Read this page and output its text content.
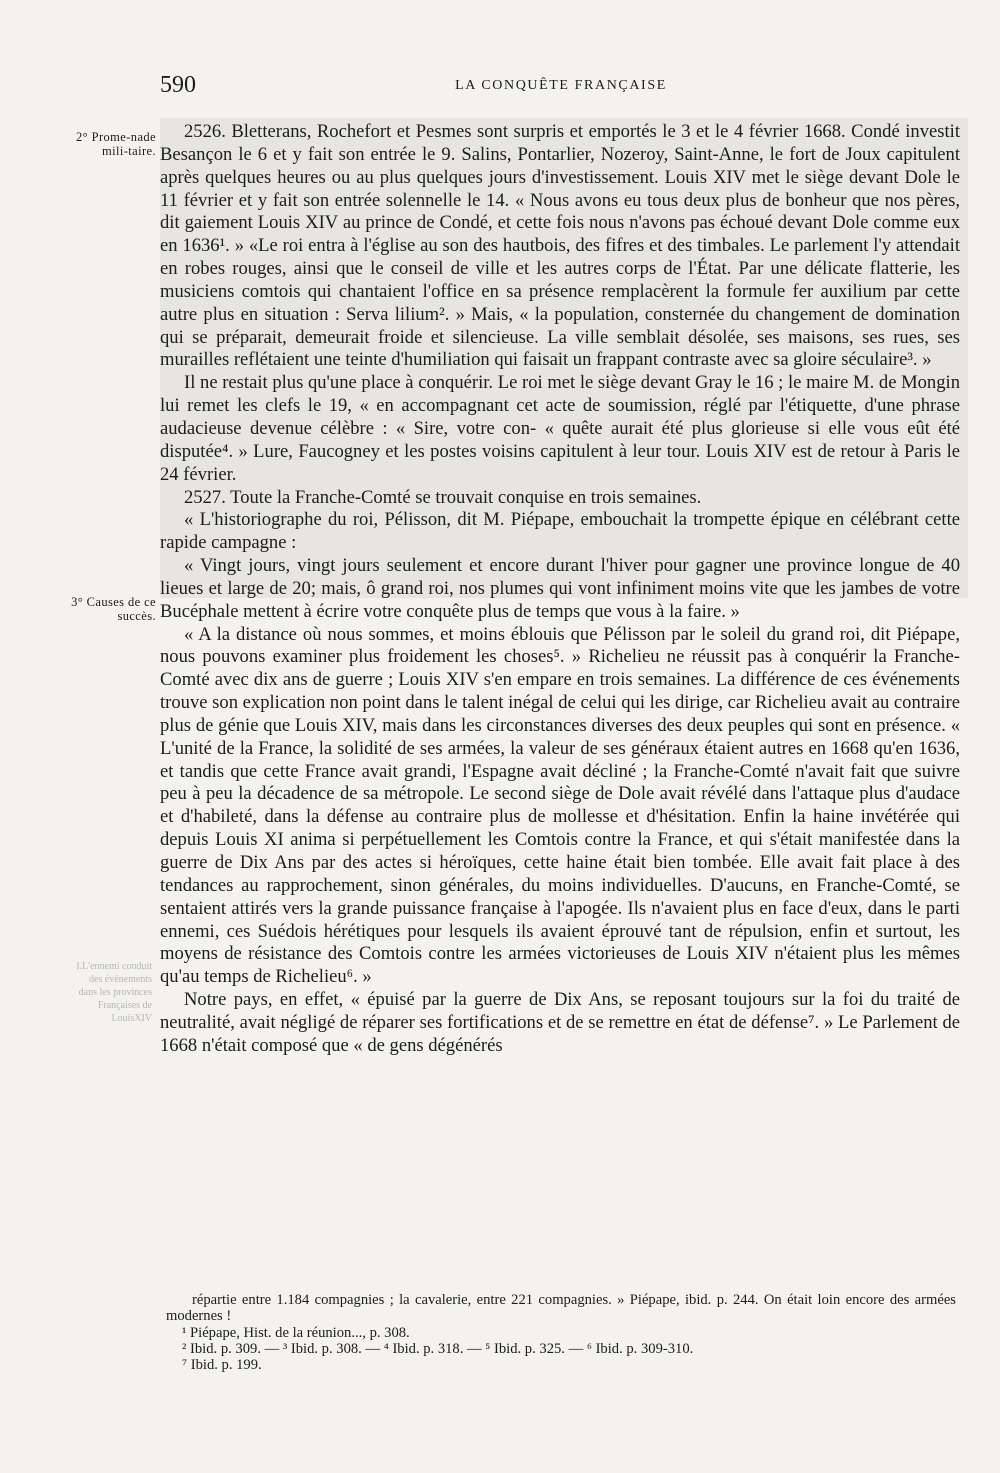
590	LA CONQUÊTE FRANÇAISE
2° Prome-nade mili-taire.
3° Causes de ce succès.
I.L'ennemi conduit des événements dans les provinces Françaises de LouisXIV

2526. Bletterans, Rochefort et Pesmes sont surpris et emportés le 3 et le 4 février 1668. Condé investit Besançon le 6 et y fait son entrée le 9. Salins, Pontarlier, Nozeroy, Saint-Anne, le fort de Joux capitulent après quelques heures ou au plus quelques jours d'investissement. Louis XIV met le siège devant Dole le 11 février et y fait son entrée solennelle le 14. « Nous avons eu tous deux plus de bonheur que nos pères, dit gaiement Louis XIV au prince de Condé, et cette fois nous n'avons pas échoué devant Dole comme eux en 1636¹. » «Le roi entra à l'église au son des hautbois, des fifres et des timbales. Le parlement l'y attendait en robes rouges, ainsi que le conseil de ville et les autres corps de l'État. Par une délicate flatterie, les musiciens comtois qui chantaient l'office en sa présence remplacèrent la formule fer auxilium par cette autre plus en situation : Serva lilium². » Mais, « la population, consternée du changement de domination qui se préparait, demeurait froide et silencieuse. La ville semblait désolée, ses maisons, ses rues, ses murailles reflétaient une teinte d'humiliation qui faisait un frappant contraste avec sa gloire séculaire³. »

Il ne restait plus qu'une place à conquérir. Le roi met le siège devant Gray le 16 ; le maire M. de Mongin lui remet les clefs le 19, « en accompagnant cet acte de soumission, réglé par l'étiquette, d'une phrase audacieuse devenue célèbre : « Sire, votre con- « quête aurait été plus glorieuse si elle vous eût été disputée⁴. » Lure, Faucogney et les postes voisins capitulent à leur tour. Louis XIV est de retour à Paris le 24 février.

2527. Toute la Franche-Comté se trouvait conquise en trois semaines.

« L'historiographe du roi, Pélisson, dit M. Piépape, embouchait la trompette épique en célébrant cette rapide campagne :

« Vingt jours, vingt jours seulement et encore durant l'hiver pour gagner une province longue de 40 lieues et large de 20; mais, ô grand roi, nos plumes qui vont infiniment moins vite que les jambes de votre Bucéphale mettent à écrire votre conquête plus de temps que vous à la faire. »

« A la distance où nous sommes, et moins éblouis que Pélisson par le soleil du grand roi, dit Piépape, nous pouvons examiner plus froidement les choses⁵. » Richelieu ne réussit pas à conquérir la Franche-Comté avec dix ans de guerre ; Louis XIV s'en empare en trois semaines. La différence de ces événements trouve son explication non point dans le talent inégal de celui qui les dirige, car Richelieu avait au contraire plus de génie que Louis XIV, mais dans les circonstances diverses des deux peuples qui sont en présence. « L'unité de la France, la solidité de ses armées, la valeur de ses généraux étaient autres en 1668 qu'en 1636, et tandis que cette France avait grandi, l'Espagne avait décliné ; la Franche-Comté n'avait fait que suivre peu à peu la décadence de sa métropole. Le second siège de Dole avait révélé dans l'attaque plus d'audace et d'habileté, dans la défense au contraire plus de mollesse et d'hésitation. Enfin la haine invétérée qui depuis Louis XI anima si perpétuellement les Comtois contre la France, et qui s'était manifestée dans la guerre de Dix Ans par des actes si héroïques, cette haine était bien tombée. Elle avait fait place à des tendances au rapprochement, sinon générales, du moins individuelles. D'aucuns, en Franche-Comté, se sentaient attirés vers la grande puissance française à l'apogée. Ils n'avaient plus en face d'eux, dans le parti ennemi, ces Suédois hérétiques pour lesquels ils avaient éprouvé tant de répulsion, enfin et surtout, les moyens de résistance des Comtois contre les armées victorieuses de Louis XIV n'étaient plus les mêmes qu'au temps de Richelieu⁶. »

Notre pays, en effet, « épuisé par la guerre de Dix Ans, se reposant toujours sur la foi du traité de neutralité, avait négligé de réparer ses fortifications et de se remettre en état de défense⁷. » Le Parlement de 1668 n'était composé que « de gens dégénérés

répartie entre 1.184 compagnies ; la cavalerie, entre 221 compagnies. » Piépape, ibid. p. 244. On était loin encore des armées modernes !

¹ Piépape, Hist. de la réunion..., p. 308.

² Ibid. p. 309. — ³ Ibid. p. 308. — ⁴ Ibid. p. 318. — ⁵ Ibid. p. 325. — ⁶ Ibid. p. 309-310.

⁷ Ibid. p. 199.
